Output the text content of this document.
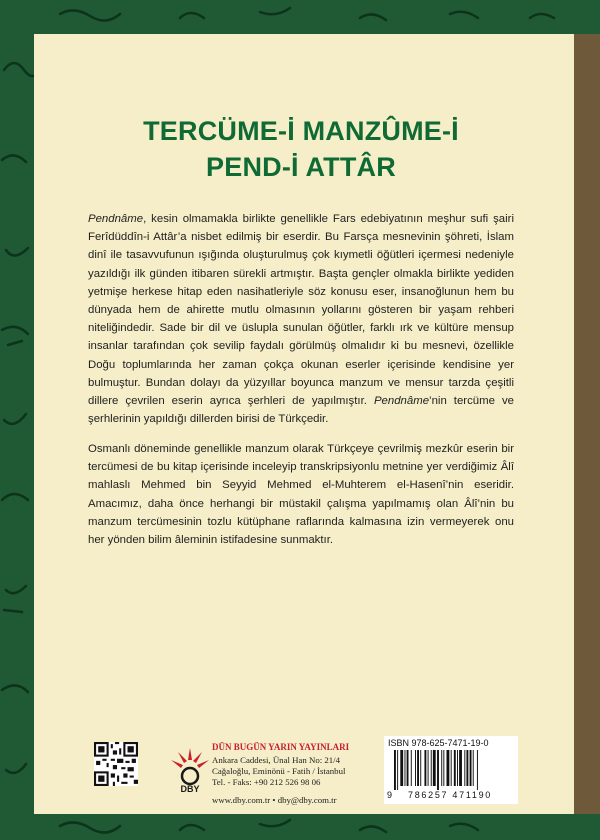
TERCÜME-İ MANZÛME-İ
PEND-İ ATTÂR
Pendnâme, kesin olmamakla birlikte genellikle Fars edebiyatının meşhur sufi şairi Ferîdüddîn-i Attâr’a nisbet edilmiş bir eserdir. Bu Farsça mesnevinin şöhreti, İslam dinî ile tasavvufunun ışığında oluşturulmuş çok kıymetli öğütleri içermesi nedeniyle yazıldığı ilk günden itibaren sürekli artmıştır. Başta gençler olmakla birlikte yediden yetmişe herkese hitap eden nasihatleriyle söz konusu eser, insanoğlunun hem bu dünyada hem de ahirette mutlu olmasının yollarını gösteren bir yaşam rehberi niteliğindedir. Sade bir dil ve üslupla sunulan öğütler, farklı ırk ve kültüre mensup insanlar tarafından çok sevilip faydalı görülmüş olmalıdır ki bu mesnevi, özellikle Doğu toplumlarında her zaman çokça okunan eserler içerisinde kendisine yer bulmuştur. Bundan dolayı da yüzyıllar boyunca manzum ve mensur tarzda çeşitli dillere çevrilen eserin ayrıca şerhleri de yapılmıştır. Pendnâme’nin tercüme ve şerhlerinin yapıldığı dillerden birisi de Türkçedir.
Osmanlı döneminde genellikle manzum olarak Türkçeye çevrilmiş mezkûr eserin bir tercümesi de bu kitap içerisinde inceleyip transkripsiyonlu metnine yer verdiğimiz Âlî mahlaslı Mehmed bin Seyyid Mehmed el-Muhterem el-Hasenî’nin eseridir. Amacımız, daha önce herhangi bir müstakil çalışma yapılmamış olan Âlî’nin bu manzum tercümesinin tozlu kütüphane raflarında kalmasına izin vermeyerek onu her yönden bilim âleminin istifadesine sunmaktır.
DBY
DÜN BUGÜN YARIN YAYINLARI
Ankara Caddesi, Ünal Han No: 21/4
Cağaloğlu, Eminönü - Fatih / İstanbul
Tel. - Faks: +90 212 526 98 06
www.dby.com.tr • dby@dby.com.tr
ISBN 978-625-7471-19-0
9 786257 471190
